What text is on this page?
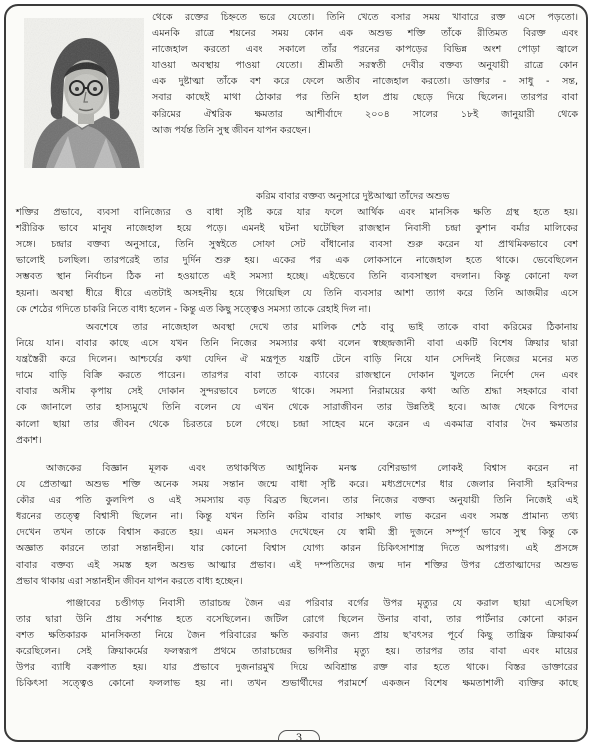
থেকে রক্তের চিহ্নতে ভরে যেতো। তিনি খেতে বসার সময় খাবারে রক্ত এসে পড়তো।
এমনকি রাত্রে শয়নের সময় কোন এক অশুভ শক্তি তাঁকে রীতিমত বিরক্ত এবং
নাজেহাল করতো এবং সকালে তাঁর পরনের কাপড়ের বিভিন্ন অংশ পোড়া জ্বালে
যাওয়া অবস্থায় পাওয়া যেতো। শ্রীমতী সরস্বতী দেবীর বক্তব্য অনুযায়ী রাত্রে কোন
এক দুষ্টাত্মা তাঁকে বশ করে ফেলে অতীব নাজেহাল করতো। ডাক্তার - সাধু - সন্ত,
সবার কাছেই মাথা ঠোকার পর তিনি হাল প্রায় ছেড়ে দিয়ে ছিলেন। তারপর বাবা
করিমের ঐশ্বরিক ক্ষমতার আশীর্বাদে ২০০৪ সালের ১৮ই জানুয়ারী থেকে
আজ পর্যন্ত তিনি সুস্থ জীবন যাপন করছেন।
করিম বাবার বক্তব্য অনুসারে দুষ্টআত্মা তাঁদের অশুভ
শক্তির প্রভাবে, ব্যবসা বানিজ্যের ও বাধা সৃষ্টি করে যার ফলে আর্থিক এবং মানসিক ক্ষতি গ্রস্থ হতে হয়।
শরীরিক ভাবে মানুষ নাজেহাল হয়ে পড়ে। এমনই ঘটনা ঘটেছিল রাজস্থান নিবাসী চন্দ্রা কুশান বর্মার মালিকের
সঙ্গে। চন্দ্রার বক্তব্য অনুসারে, তিনি সুস্বইতে সোফা সেট বাঁধানোর ব্যবসা শুরু করেন যা প্রাথমিকভাবে বেশ
ভালোই চলছিল। তারপরেই তার দুর্দিন শুরু হয়। একের পর এক লোকসানে নাজেহাল হতে থাকে। ভেবেছিলেন
সম্ভবত স্থান নির্বাচন ঠিক না হওয়াতে এই সমস্যা হচ্ছে। এইভেবে তিনি ব্যবসাস্থল বদলান। কিন্তু কোনো ফল
হয়না। অবস্থা ধীরে ধীরে এতটাই অসহনীয় হয়ে গিয়েছিল যে তিনি ব্যবসার আশা ত্যাগ করে তিনি আজমীর এসে
কে শেঠের গদিতে চাকরি নিতে বাধ্য হলেন - কিন্তু এত কিছু সত্ত্বেও সমস্যা তাকে রেহাই দিল না।
অবশেষে তার নাজেহাল অবস্থা দেখে তার মালিক শেঠ বাবু ভাই তাকে বাবা করিমের ঠিকানায়
নিয়ে যান। বাবার কাছে এসে যখন তিনি নিজের সমস্যার কথা বলেন স্বচ্ছন্দ্রজানী বাবা একটি বিশেষ ক্রিয়ার দ্বারা
যন্ত্রস্তৈরী করে দিলেন। আশ্চর্যের কথা যেদিন ঐ মন্ত্রপূত যন্ত্রটি টেনে বাড়ি নিয়ে যান সেদিনই নিজের মনের মত
দামে বাড়ি বিক্রি করতে পারেন। তারপর বাবা তাকে ব্যাবের রাজস্থানে দোকান খুলতে নির্দেশ দেন এবং
বাবার অসীম কৃপায় সেই দোকান সুন্দরভাবে চলতে থাকে। সমস্যা নিরাময়ের কথা অতি শ্রদ্ধা সহকারে বাবা
কে জানালে তার হাস্যমুখে তিনি বলেন যে এখন থেকে সারাজীবন তার উন্নতিই হবে। আজ থেকে বিপদের
কালো ছায়া তার জীবন থেকে চিরতরে চলে গেছে। চন্দ্রা সাহেব মনে করেন এ একমাত্র বাবার দৈব ক্ষমতার
প্রকাশ।
আজকের বিজ্ঞান মূলক এবং তথাকথিত আধুনিক মনস্ক বেশিরভাগ লোকই বিশ্বাস করেন না
যে প্রেতাত্মা অশুভ শক্তি অনেক সময় সন্তান জন্মে বাধা সৃষ্টি করে। মধ্যপ্রদেশের ধার জেলার নিবাসী হরবিন্দর
কৌর এর পতি কুলদিপ ও এই সমস্যায় বড় বিব্রত ছিলেন। তার নিজের বক্তব্য অনুযায়ী তিনি নিজেই এই
ধরনের তত্ত্বে বিশ্বাসী ছিলেন না। কিন্তু যখন তিনি করিম বাবার সাক্ষাৎ লাভ করেন এবং সমস্ত প্রামান্য তথ্য
দেখেন তখন তাকে বিশ্বাস করতে হয়। এমন সমস্যাও দেখেছেন যে স্বামী স্ত্রী দুজনে সম্পূর্ণ ভাবে সুস্থ কিন্তু কে
অজ্ঞাত কারনে তারা সন্তানহীন। যার কোনো বিশ্বাস যোগ্য কারন চিকিৎসাশাস্ত্র দিতে অপারগ। এই প্রসঙ্গে
বাবার বক্তব্য এই সমস্ত হল অশুভ আত্মার প্রভাব। এই দম্পতিদের জন্ম দান শক্তির উপর প্রেতাত্মাদের অশুভ
প্রভাব থাকায় এরা সন্তানহীন জীবন যাপন করতে বাধ্য হচ্ছেন।
পাঞ্জাবের চণ্ডীগড় নিবাসী তারাচন্দ্র জৈন এর পরিবার বর্গের উপর মৃত্যুর যে করাল ছায়া এসেছিল
তার দ্বারা উনি প্রায় সর্বশান্ত হতে বসেছিলেন। জটিল রোগে ছিলেন উনার বাবা, তার পার্টনার কোনো কারন
বশত ক্ষতিকারক মানসিকতা নিয়ে জৈন পরিবারের ক্ষতি করবার জন্য প্রায় ছ'বৎসর পূর্বে কিছু তান্ত্রিক ক্রিয়াকর্ম
করেছিলেন। সেই ক্রিয়াকর্মের ফলস্বরূপ প্রথমে তারাচন্দ্রের ভগিনীর মৃত্যু হয়। তারপর তার বাবা এবং মায়ের
উপর ব্যাধি বক্রপাত হয়। যার প্রভাবে দুজনারমুখ দিয়ে অবিশ্রান্ত রক্ত বার হতে থাকে। বিস্তর ডাক্তারের
চিকিৎসা সত্ত্বেও কোনো ফললাভ হয় না। তখন শুভার্থীদের পরামর্শে একজন বিশেষ ক্ষমতাশালী ব্যক্তির কাছে
3
